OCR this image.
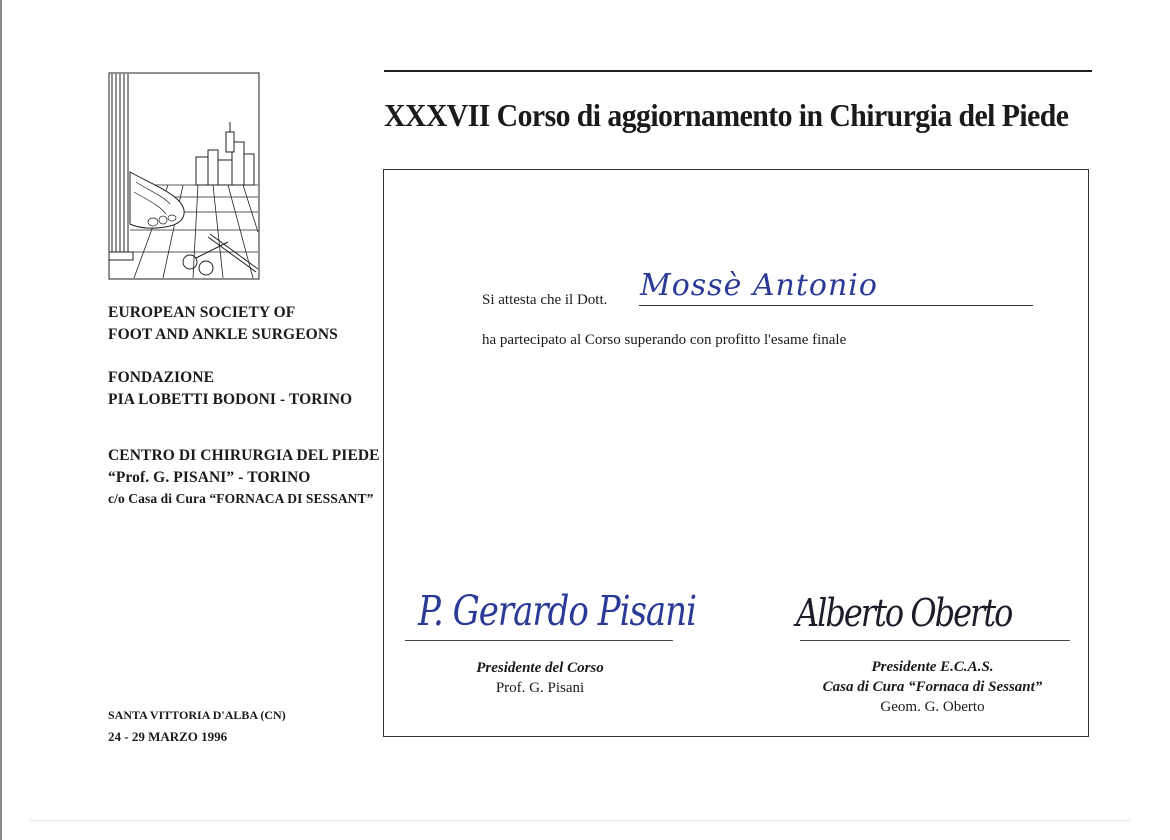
EUROPEAN SOCIETY OF
FOOT AND ANKLE SURGEONS
FONDAZIONE
PIA LOBETTI BODONI - TORINO
CENTRO DI CHIRURGIA DEL PIEDE
“Prof. G. PISANI” - TORINO
c/o Casa di Cura “FORNACA DI SESSANT”
SANTA VITTORIA D'ALBA (CN)
24 - 29 MARZO 1996
XXXVII Corso di aggiornamento in Chirurgia del Piede
Si attesta che il Dott. Mossè Antonio
ha partecipato al Corso superando con profitto l'esame finale
P. Gerardo Pisani	Alberto Oberto
Presidente del Corso
Prof. G. Pisani
Presidente E.C.A.S.
Casa di Cura “Fornaca di Sessant”
Geom. G. Oberto
